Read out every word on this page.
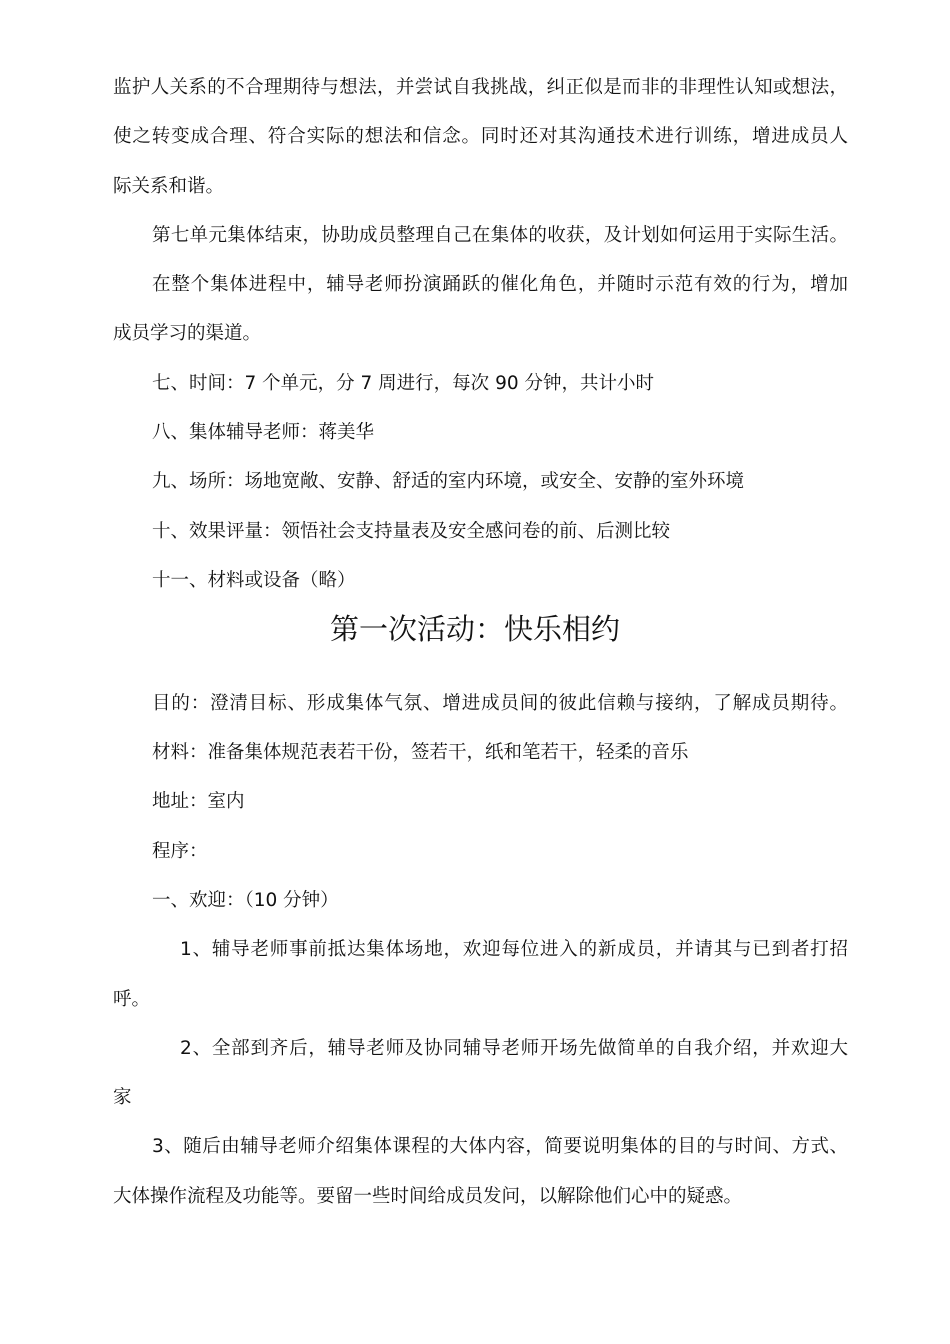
监护人关系的不合理期待与想法，并尝试自我挑战，纠正似是而非的非理性认知或想法，
使之转变成合理、符合实际的想法和信念。同时还对其沟通技术进行训练，增进成员人
际关系和谐。
第七单元集体结束，协助成员整理自己在集体的收获，及计划如何运用于实际生活。
在整个集体进程中，辅导老师扮演踊跃的催化角色，并随时示范有效的行为，增加
成员学习的渠道。
七、时间：7 个单元，分 7 周进行，每次 90 分钟，共计小时
八、集体辅导老师：蒋美华
九、场所：场地宽敞、安静、舒适的室内环境，或安全、安静的室外环境
十、效果评量：领悟社会支持量表及安全感问卷的前、后测比较
十一、材料或设备（略）
第一次活动：快乐相约
目的：澄清目标、形成集体气氛、增进成员间的彼此信赖与接纳，了解成员期待。
材料：准备集体规范表若干份，签若干，纸和笔若干，轻柔的音乐
地址：室内
程序：
一、欢迎：（10 分钟）
1、辅导老师事前抵达集体场地，欢迎每位进入的新成员，并请其与已到者打招
呼。
2、全部到齐后，辅导老师及协同辅导老师开场先做简单的自我介绍，并欢迎大
家
3、随后由辅导老师介绍集体课程的大体内容，简要说明集体的目的与时间、方式、
大体操作流程及功能等。要留一些时间给成员发问，以解除他们心中的疑惑。
